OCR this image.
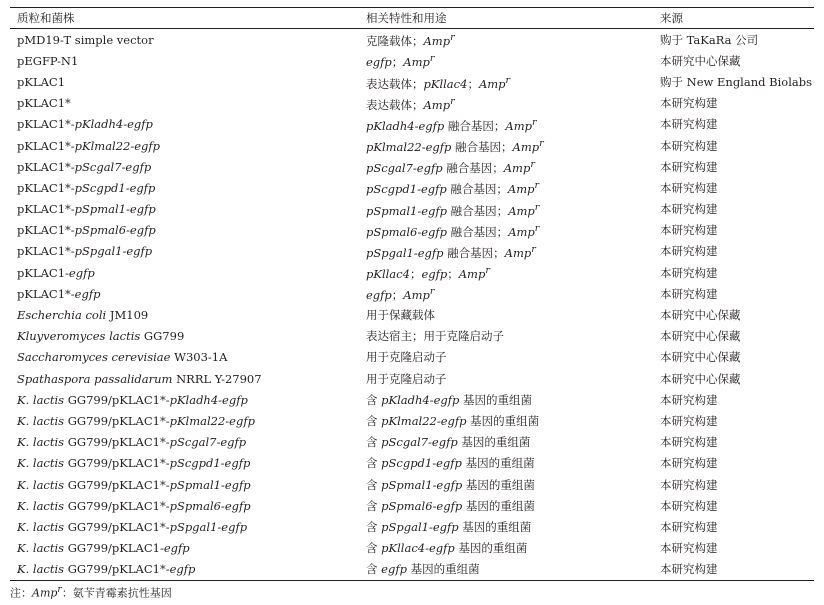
质粒和菌株	相关特性和用途	来源
pMD19-T simple vector	克隆载体；Amp$^r$	购于 TaKaRa 公司
pEGFP-N1	egfp；Amp$^r$	本研究中心保藏
pKLAC1	表达载体；pKllac4；Amp$^r$	购于 New England Biolabs
pKLAC1*	表达载体；Amp$^r$	本研究构建
pKLAC1*-pKladh4-egfp	pKladh4-egfp 融合基因；Amp$^r$	本研究构建
pKLAC1*-pKlmal22-egfp	pKlmal22-egfp 融合基因；Amp$^r$	本研究构建
pKLAC1*-pScgal7-egfp	pScgal7-egfp 融合基因；Amp$^r$	本研究构建
pKLAC1*-pScgpd1-egfp	pScgpd1-egfp 融合基因；Amp$^r$	本研究构建
pKLAC1*-pSpmal1-egfp	pSpmal1-egfp 融合基因；Amp$^r$	本研究构建
pKLAC1*-pSpmal6-egfp	pSpmal6-egfp 融合基因；Amp$^r$	本研究构建
pKLAC1*-pSpgal1-egfp	pSpgal1-egfp 融合基因；Amp$^r$	本研究构建
pKLAC1-egfp	pKllac4；egfp；Amp$^r$	本研究构建
pKLAC1*-egfp	egfp；Amp$^r$	本研究构建
Escherchia coli JM109	用于保藏载体	本研究中心保藏
Kluyveromyces lactis GG799	表达宿主；用于克隆启动子	本研究中心保藏
Saccharomyces cerevisiae W303-1A	用于克隆启动子	本研究中心保藏
Spathaspora passalidarum NRRL Y-27907	用于克隆启动子	本研究中心保藏
K. lactis GG799/pKLAC1*-pKladh4-egfp	含 pKladh4-egfp 基因的重组菌	本研究构建
K. lactis GG799/pKLAC1*-pKlmal22-egfp	含 pKlmal22-egfp 基因的重组菌	本研究构建
K. lactis GG799/pKLAC1*-pScgal7-egfp	含 pScgal7-egfp 基因的重组菌	本研究构建
K. lactis GG799/pKLAC1*-pScgpd1-egfp	含 pScgpd1-egfp 基因的重组菌	本研究构建
K. lactis GG799/pKLAC1*-pSpmal1-egfp	含 pSpmal1-egfp 基因的重组菌	本研究构建
K. lactis GG799/pKLAC1*-pSpmal6-egfp	含 pSpmal6-egfp 基因的重组菌	本研究构建
K. lactis GG799/pKLAC1*-pSpgal1-egfp	含 pSpgal1-egfp 基因的重组菌	本研究构建
K. lactis GG799/pKLAC1-egfp	含 pKllac4-egfp 基因的重组菌	本研究构建
K. lactis GG799/pKLAC1*-egfp	含 egfp 基因的重组菌	本研究构建
注：Amp$^r$：氨苄青霉素抗性基因
